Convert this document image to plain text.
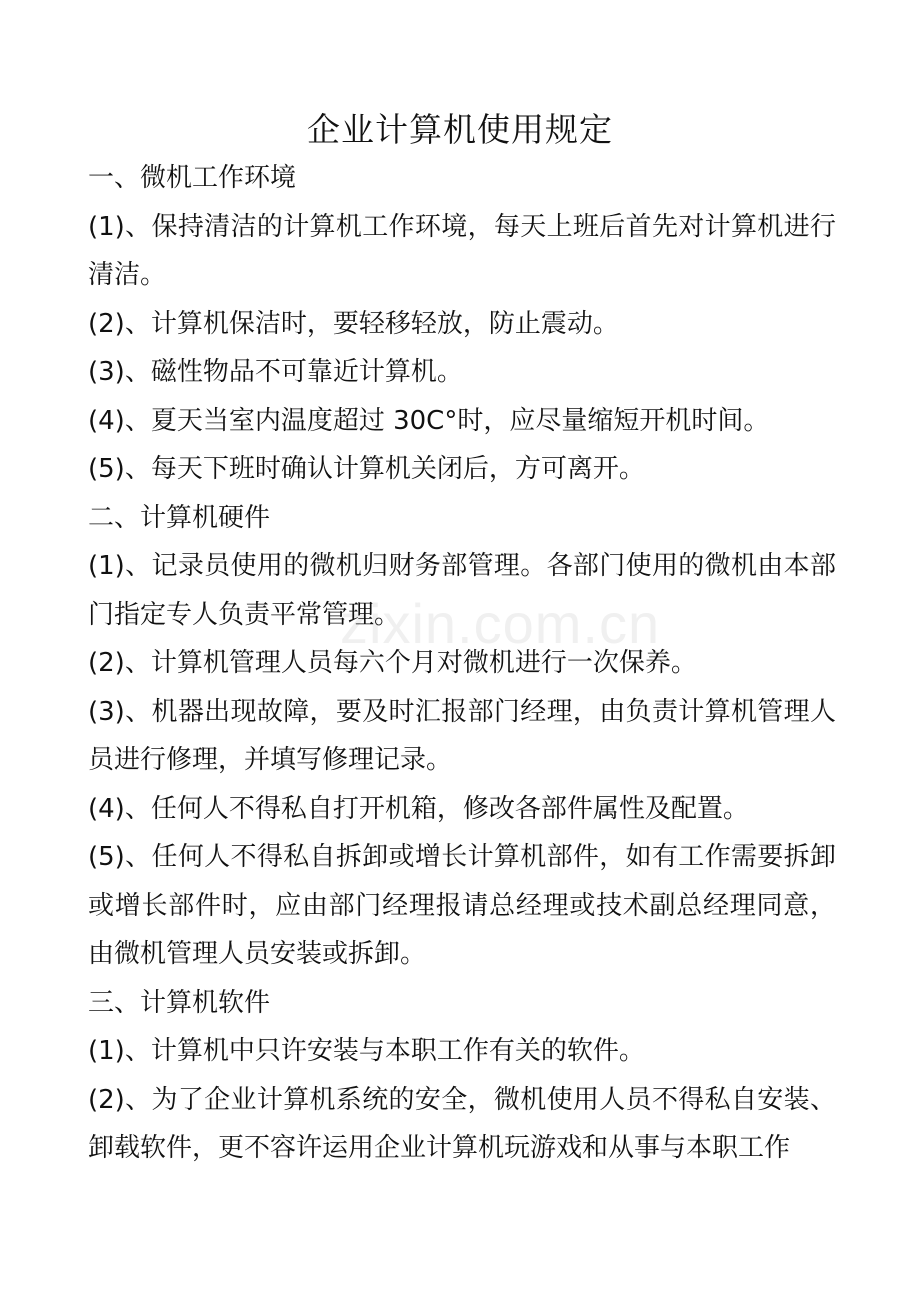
zixin.com.cn
企业计算机使用规定

一、微机工作环境

(1)、保持清洁的计算机工作环境，每天上班后首先对计算机进行清洁。

(2)、计算机保洁时，要轻移轻放，防止震动。

(3)、磁性物品不可靠近计算机。

(4)、夏天当室内温度超过 30C°时，应尽量缩短开机时间。

(5)、每天下班时确认计算机关闭后，方可离开。

二、计算机硬件

(1)、记录员使用的微机归财务部管理。各部门使用的微机由本部门指定专人负责平常管理。

(2)、计算机管理人员每六个月对微机进行一次保养。

(3)、机器出现故障，要及时汇报部门经理，由负责计算机管理人员进行修理，并填写修理记录。

(4)、任何人不得私自打开机箱，修改各部件属性及配置。

(5)、任何人不得私自拆卸或增长计算机部件，如有工作需要拆卸或增长部件时，应由部门经理报请总经理或技术副总经理同意，由微机管理人员安装或拆卸。

三、计算机软件

(1)、计算机中只许安装与本职工作有关的软件。

(2)、为了企业计算机系统的安全，微机使用人员不得私自安装、卸载软件，更不容许运用企业计算机玩游戏和从事与本职工作
